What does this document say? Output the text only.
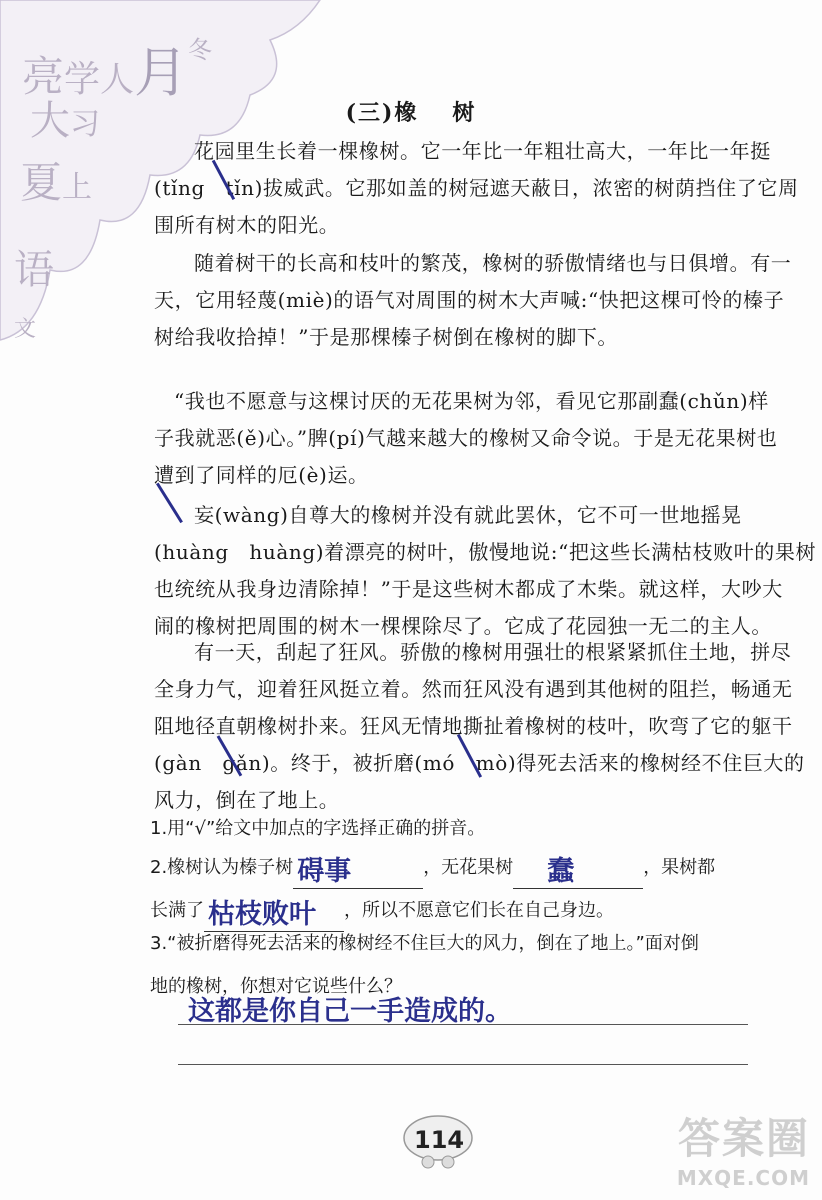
亮学人月$^冬$
大习
夏上
语
文
(三)橡 树

花园里生长着一棵橡树。它一年比一年粗壮高大，一年比一年挺

(tǐng　tǐn)拔威武。它那如盖的树冠遮天蔽日，浓密的树荫挡住了它周

围所有树木的阳光。

随着树干的长高和枝叶的繁茂，橡树的骄傲情绪也与日俱增。有一

天，它用轻蔑(miè)的语气对周围的树木大声喊:“快把这棵可怜的榛子

树给我收拾掉！”于是那棵榛子树倒在橡树的脚下。

“我也不愿意与这棵讨厌的无花果树为邻，看见它那副蠢(chǔn)样

子我就恶(ě)心。”脾(pí)气越来越大的橡树又命令说。于是无花果树也

遭到了同样的厄(è)运。

妄(wàng)自尊大的橡树并没有就此罢休，它不可一世地摇晃

(huàng　huàng)着漂亮的树叶，傲慢地说:“把这些长满枯枝败叶的果树

也统统从我身边清除掉！”于是这些树木都成了木柴。就这样，大吵大

闹的橡树把周围的树木一棵棵除尽了。它成了花园独一无二的主人。

有一天，刮起了狂风。骄傲的橡树用强壮的根紧紧抓住土地，拼尽

全身力气，迎着狂风挺立着。然而狂风没有遇到其他树的阻拦，畅通无

阻地径直朝橡树扑来。狂风无情地撕扯着橡树的枝叶，吹弯了它的躯干

(gàn　gǎn)。终于，被折磨(mó　mò)得死去活来的橡树经不住巨大的

风力，倒在了地上。

1.用“√”给文中加点的字选择正确的拼音。

2.橡树认为榛子树 碍事	，无花果树 蠢	，果树都

长满了 枯枝败叶 ，所以不愿意它们长在自己身边。

3.“被折磨得死去活来的橡树经不住巨大的风力，倒在了地上。”面对倒

地的橡树，你想对它说些什么？

这都是你自己一手造成的。
114	答案圈
MXQE.COM
